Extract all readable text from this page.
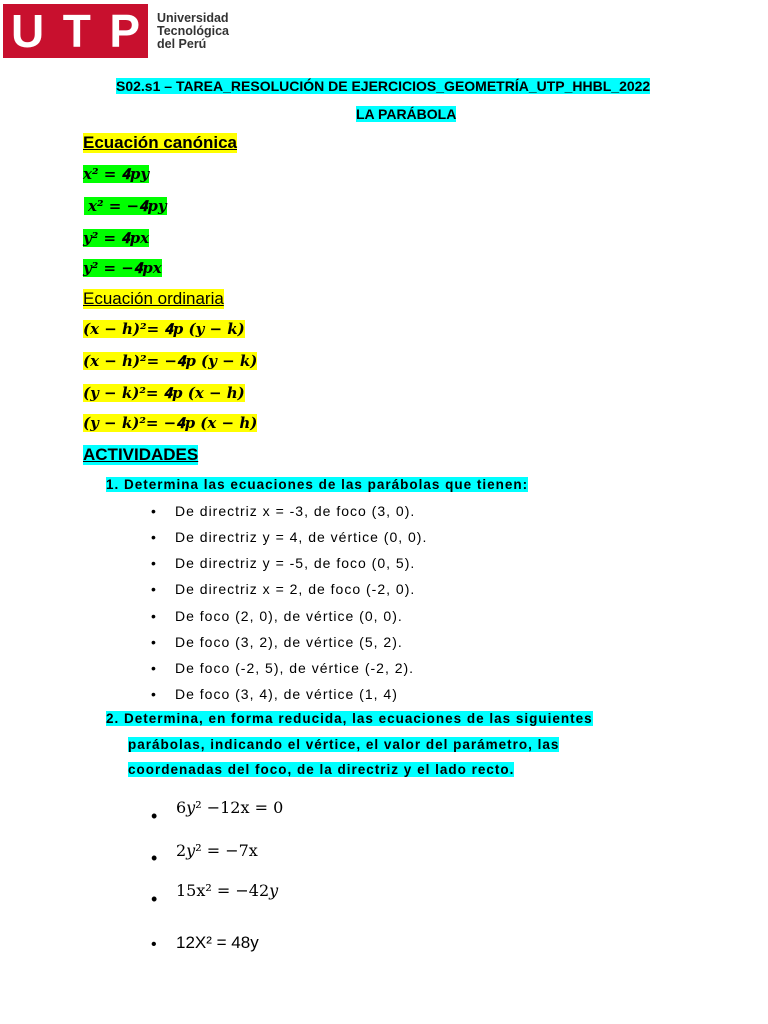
U T P Universidad
Tecnológica
del Perú
S02.s1 – TAREA_RESOLUCIÓN DE EJERCICIOS_GEOMETRÍA_UTP_HHBL_2022
LA PARÁBOLA
Ecuación canónica
𝒙² = 𝟒𝒑𝒚
𝒙² = −𝟒𝒑𝒚
𝒚² = 𝟒𝒑𝒙
𝒚² = −𝟒𝒑x
Ecuación ordinaria
(𝒙 − 𝒉)²= 𝟒𝒑 (𝒚 − 𝒌)
(𝒙 − 𝒉)²= −𝟒𝒑 (𝒚 − 𝒌)
(𝒚 − 𝒌)²= 𝟒𝒑 (𝒙 − 𝒉)
(𝒚 − 𝒌)²= −𝟒𝒑 (𝒙 − 𝒉)
ACTIVIDADES
1. Determina las ecuaciones de las parábolas que tienen:
• De directriz x = -3, de foco (3, 0).
• De directriz y = 4, de vértice (0, 0).
• De directriz y = -5, de foco (0, 5).
• De directriz x = 2, de foco (-2, 0).
• De foco (2, 0), de vértice (0, 0).
• De foco (3, 2), de vértice (5, 2).
• De foco (-2, 5), de vértice (-2, 2).
• De foco (3, 4), de vértice (1, 4)
2. Determina, en forma reducida, las ecuaciones de las siguientes
parábolas, indicando el vértice, el valor del parámetro, las
coordenadas del foco, de la directriz y el lado recto.
• 6𝑦² −12x = 0
• 2𝑦² = −7x
• 15x² = −42𝑦
• 12X² = 48y
